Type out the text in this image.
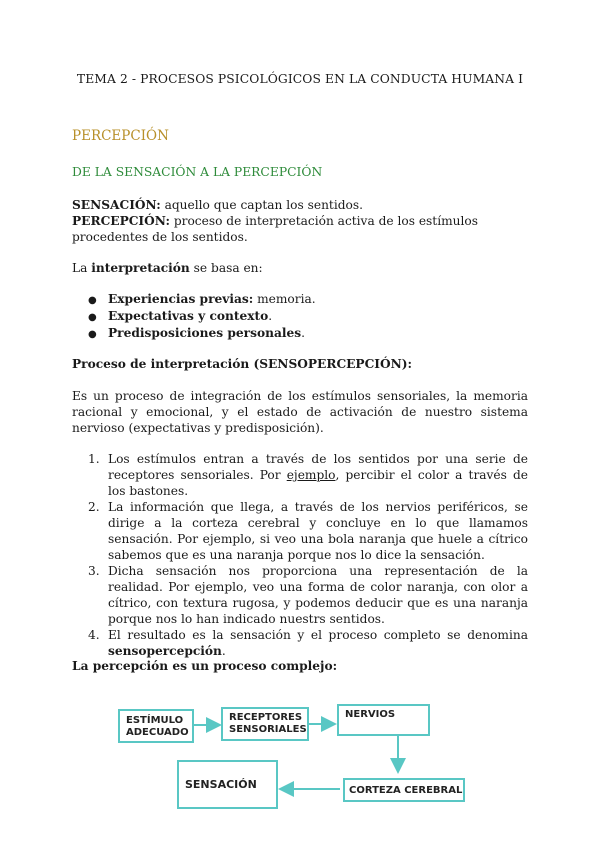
TEMA 2 - PROCESOS PSICOLÓGICOS EN LA CONDUCTA HUMANA I
PERCEPCIÓN
DE LA SENSACIÓN A LA PERCEPCIÓN
SENSACIÓN: aquello que captan los sentidos.
PERCEPCIÓN: proceso de interpretación activa de los estímulos procedentes de los sentidos.
La interpretación se basa en:
● Experiencias previas: memoria.
● Expectativas y contexto.
● Predisposiciones personales.
Proceso de interpretación (SENSOPERCEPCIÓN):
Es un proceso de integración de los estímulos sensoriales, la memoria racional y emocional, y el estado de activación de nuestro sistema nervioso (expectativas y predisposición).
1. Los estímulos entran a través de los sentidos por una serie de receptores sensoriales. Por ejemplo, percibir el color a través de los bastones.
2. La información que llega, a través de los nervios periféricos, se dirige a la corteza cerebral y concluye en lo que llamamos sensación. Por ejemplo, si veo una bola naranja que huele a cítrico sabemos que es una naranja porque nos lo dice la sensación.
3. Dicha sensación nos proporciona una representación de la realidad. Por ejemplo, veo una forma de color naranja, con olor a cítrico, con textura rugosa, y podemos deducir que es una naranja porque nos lo han indicado nuestrs sentidos.
4. El resultado es la sensación y el proceso completo se denomina sensopercepción.
La percepción es un proceso complejo:
ESTÍMULO
ADECUADO
RECEPTORES
SENSORIALES
NERVIOS
CORTEZA CEREBRAL
SENSACIÓN
